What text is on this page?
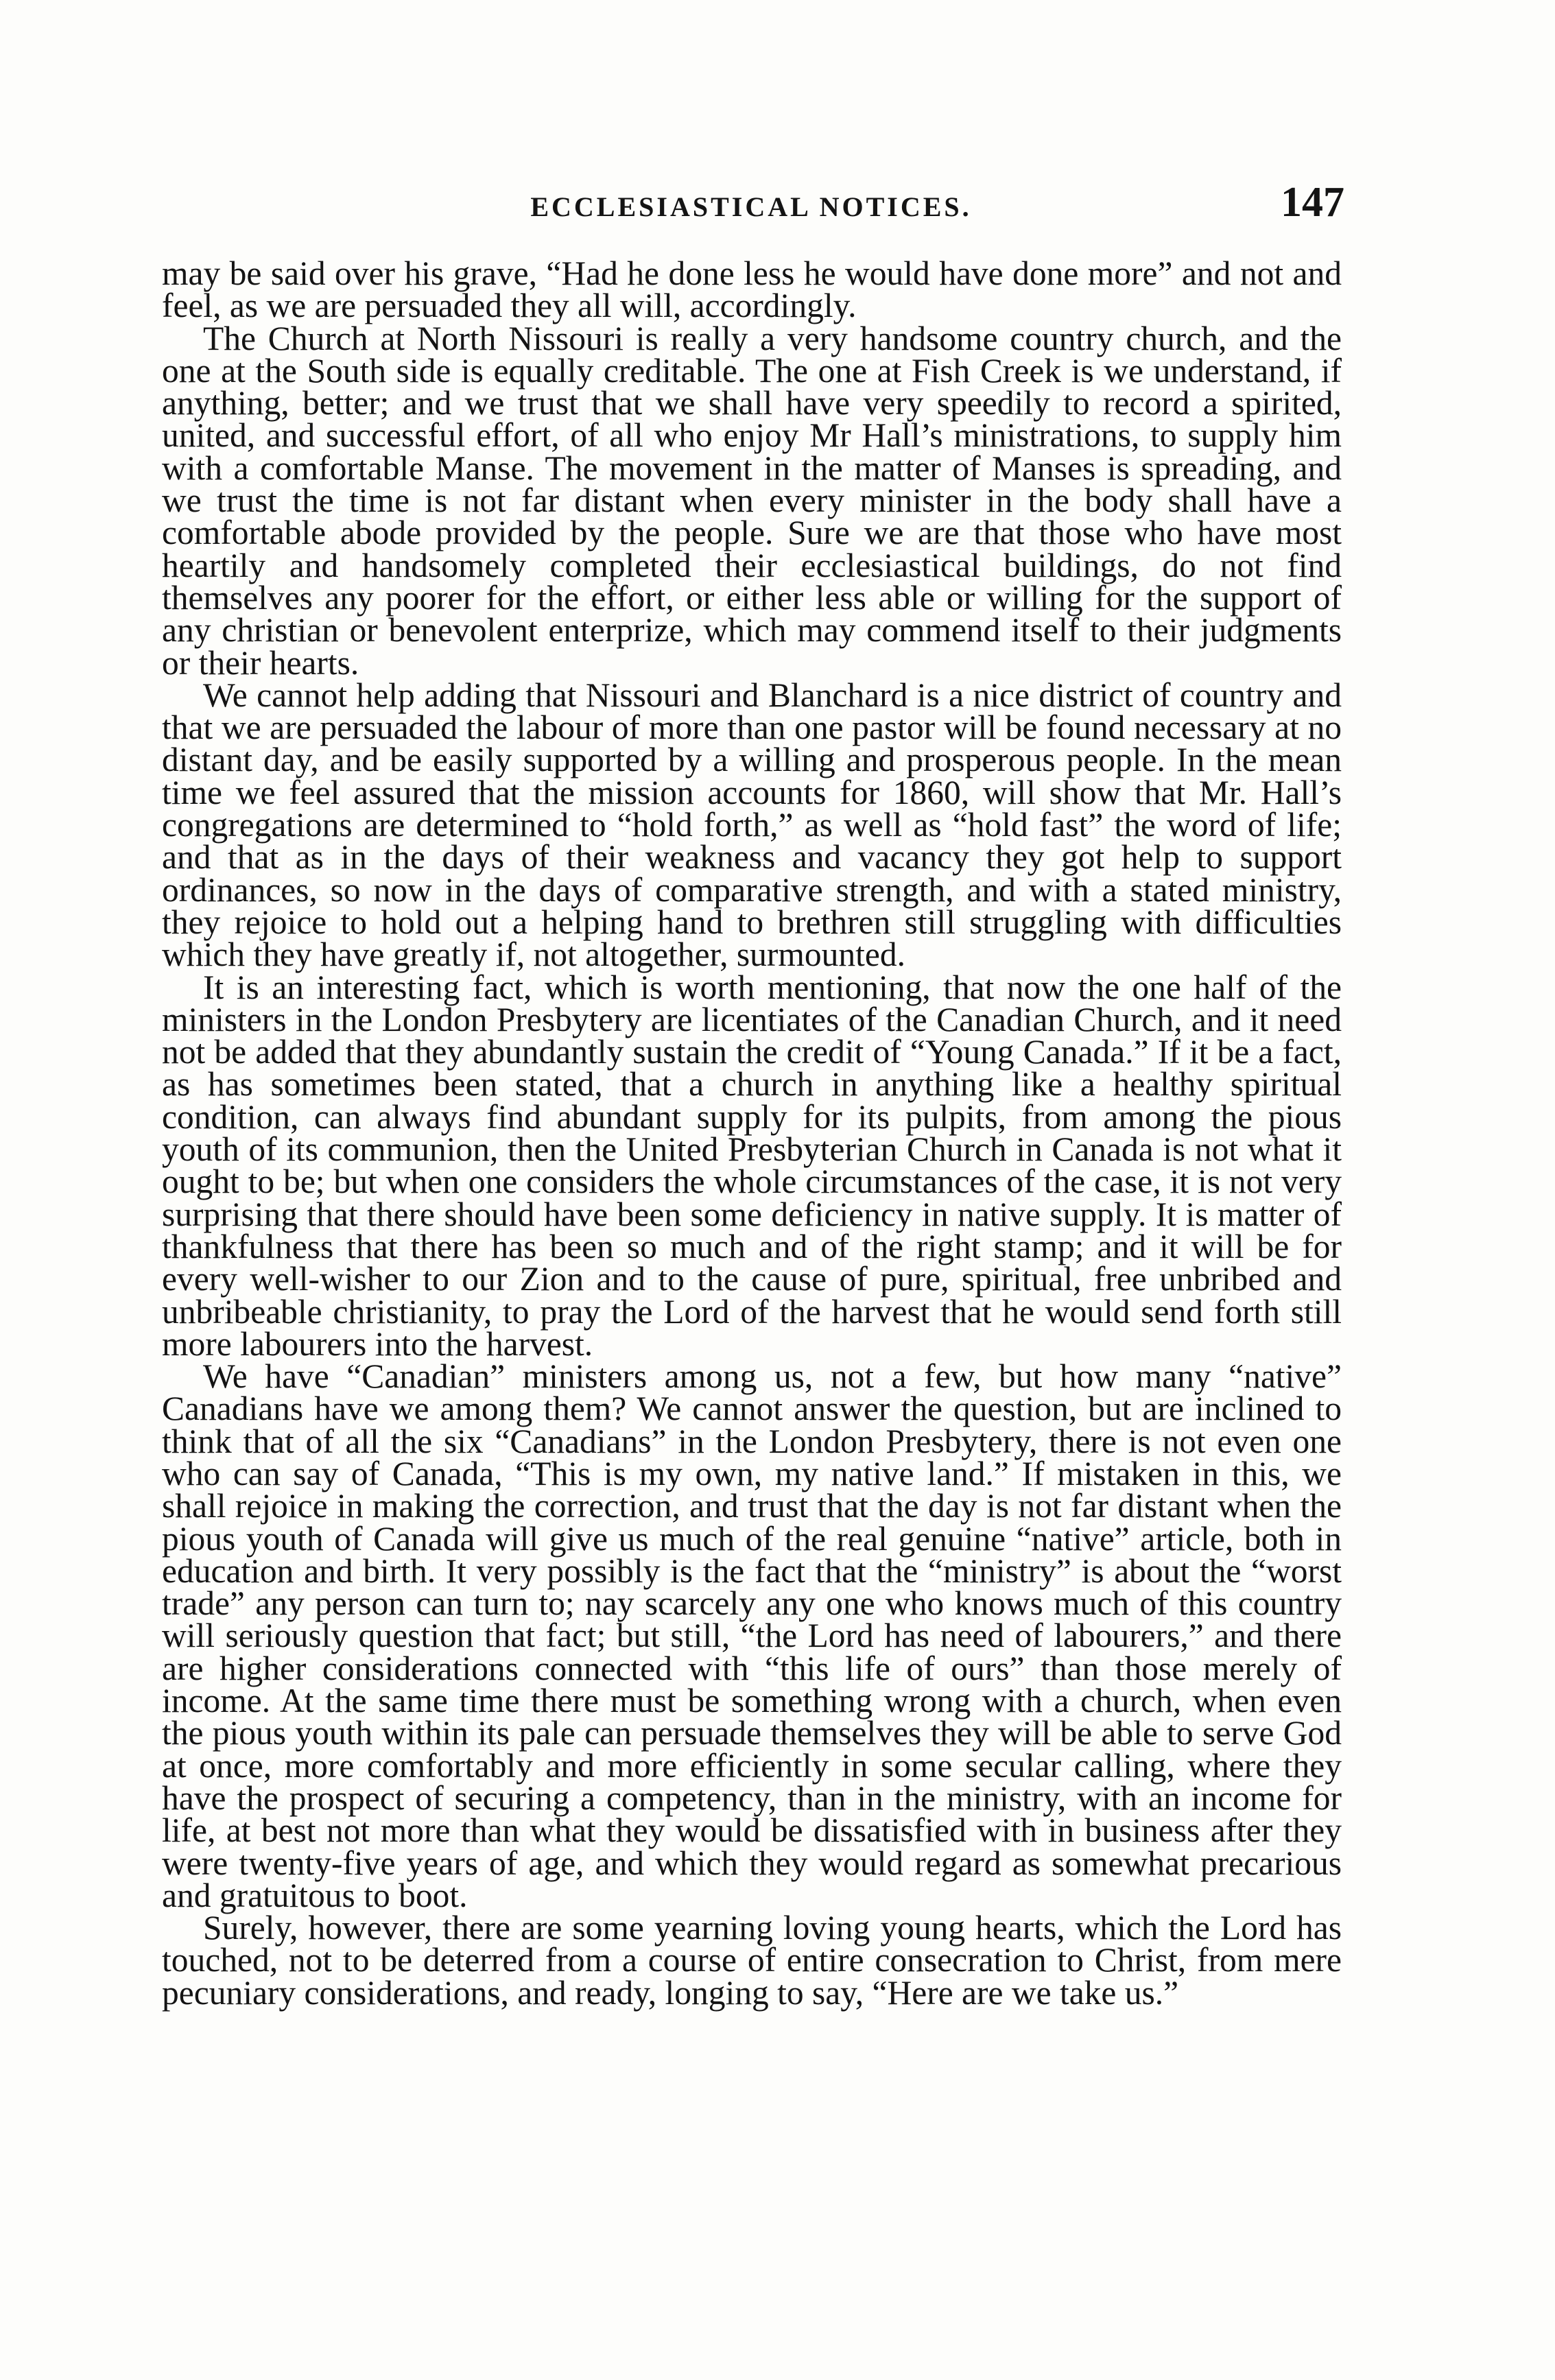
ECCLESIASTICAL NOTICES.	147

may be said over his grave, “Had he done less he would have done more” and not and feel, as we are persuaded they all will, accordingly.

The Church at North Nissouri is really a very handsome country church, and the one at the South side is equally creditable. The one at Fish Creek is we understand, if anything, better; and we trust that we shall have very speedily to record a spirited, united, and successful effort, of all who enjoy Mr Hall’s ministrations, to supply him with a comfortable Manse. The movement in the matter of Manses is spreading, and we trust the time is not far distant when every minister in the body shall have a comfortable abode provided by the people. Sure we are that those who have most heartily and handsomely completed their ecclesiastical buildings, do not find themselves any poorer for the effort, or either less able or willing for the support of any christian or benevolent enterprize, which may commend itself to their judgments or their hearts.

We cannot help adding that Nissouri and Blanchard is a nice district of country and that we are persuaded the labour of more than one pastor will be found necessary at no distant day, and be easily supported by a willing and prosperous people. In the mean time we feel assured that the mission accounts for 1860, will show that Mr. Hall’s congregations are determined to “hold forth,” as well as “hold fast” the word of life; and that as in the days of their weakness and vacancy they got help to support ordinances, so now in the days of comparative strength, and with a stated ministry, they rejoice to hold out a helping hand to brethren still struggling with difficulties which they have greatly if, not altogether, surmounted.

It is an interesting fact, which is worth mentioning, that now the one half of the ministers in the London Presbytery are licentiates of the Canadian Church, and it need not be added that they abundantly sustain the credit of “Young Canada.” If it be a fact, as has sometimes been stated, that a church in anything like a healthy spiritual condition, can always find abundant supply for its pulpits, from among the pious youth of its communion, then the United Presbyterian Church in Canada is not what it ought to be; but when one considers the whole circumstances of the case, it is not very surprising that there should have been some deficiency in native supply. It is matter of thankfulness that there has been so much and of the right stamp; and it will be for every well-wisher to our Zion and to the cause of pure, spiritual, free unbribed and unbribeable christianity, to pray the Lord of the harvest that he would send forth still more labourers into the harvest.

We have “Canadian” ministers among us, not a few, but how many “native” Canadians have we among them? We cannot answer the question, but are inclined to think that of all the six “Canadians” in the London Presbytery, there is not even one who can say of Canada, “This is my own, my native land.” If mistaken in this, we shall rejoice in making the correction, and trust that the day is not far distant when the pious youth of Canada will give us much of the real genuine “native” article, both in education and birth. It very possibly is the fact that the “ministry” is about the “worst trade” any person can turn to; nay scarcely any one who knows much of this country will seriously question that fact; but still, “the Lord has need of labourers,” and there are higher considerations connected with “this life of ours” than those merely of income. At the same time there must be something wrong with a church, when even the pious youth within its pale can persuade themselves they will be able to serve God at once, more comfortably and more efficiently in some secular calling, where they have the prospect of securing a competency, than in the ministry, with an income for life, at best not more than what they would be dissatisfied with in business after they were twenty-five years of age, and which they would regard as somewhat precarious and gratuitous to boot.

Surely, however, there are some yearning loving young hearts, which the Lord has touched, not to be deterred from a course of entire consecration to Christ, from mere pecuniary considerations, and ready, longing to say, “Here are we take us.”
